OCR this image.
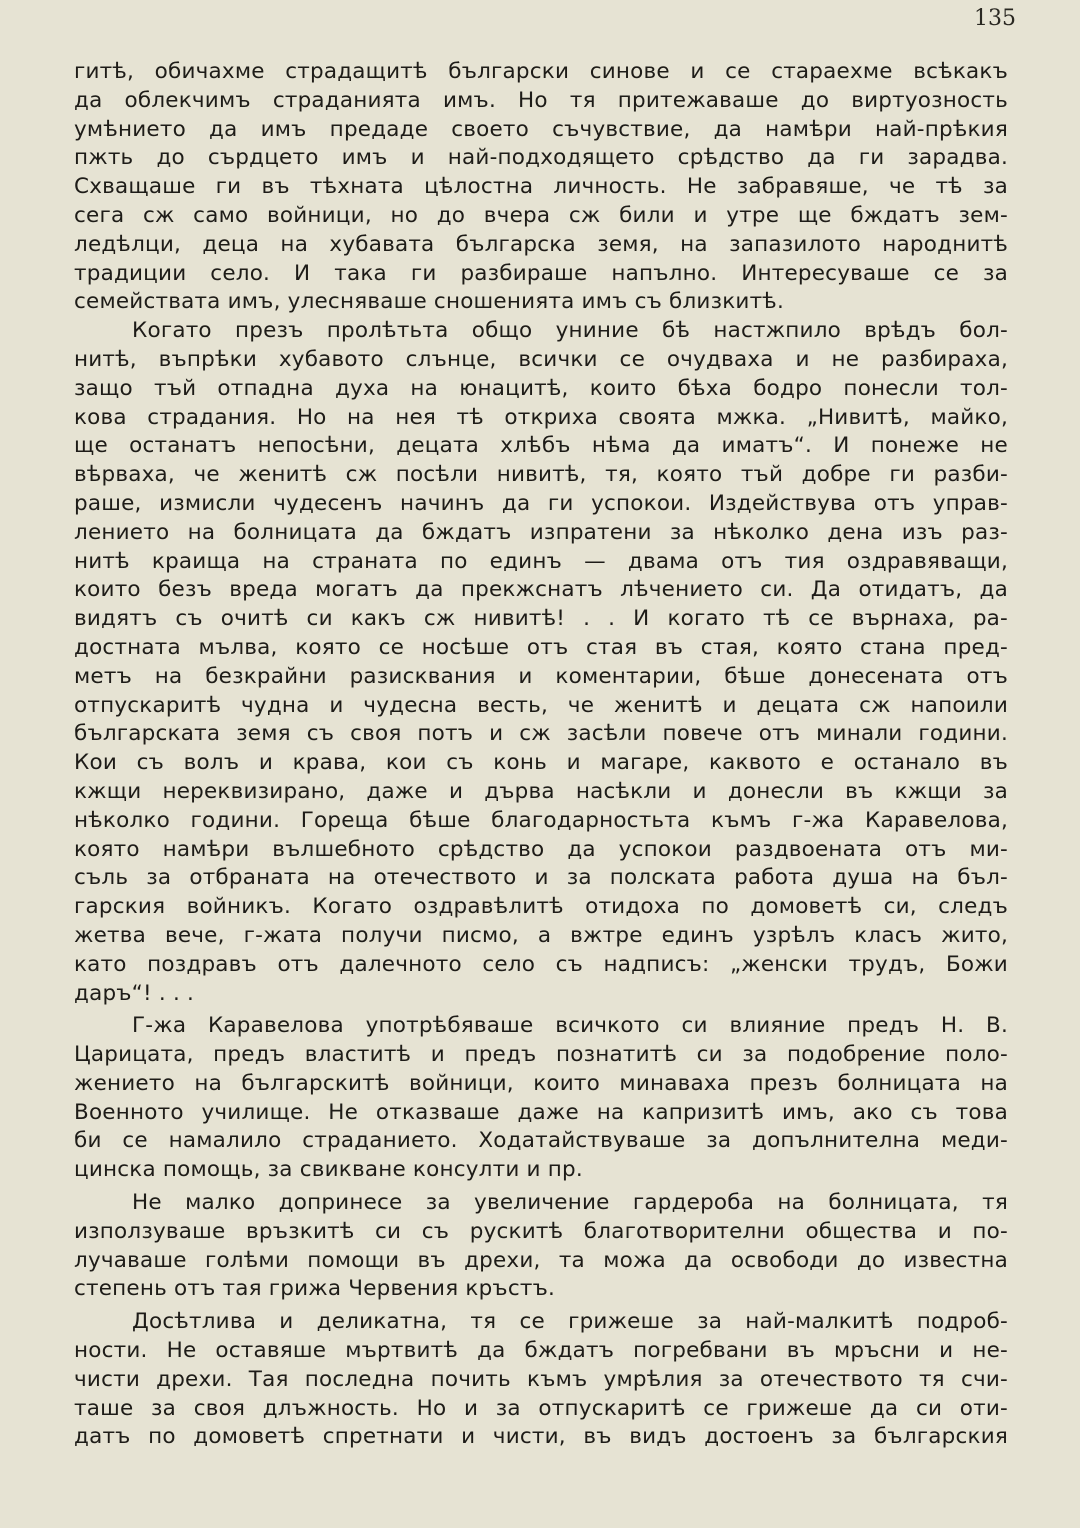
135
гитѣ, обичахме страдащитѣ български синове и се стараехме всѣкакъ
да облекчимъ страданията имъ. Но тя притежаваше до виртуозность
умѣнието да имъ предаде своето съчувствие, да намѣри най-прѣкия
пжть до сърдцето имъ и най-подходящето срѣдство да ги зарадва.
Схващаше ги въ тѣхната цѣлостна личность. Не забравяше, че тѣ за
сега сж само войници, но до вчера сж били и утре ще бждатъ зем-
ледѣлци, деца на хубавата българска земя, на запазилото народнитѣ
традиции село. И така ги разбираше напълно. Интересуваше се за
семействата имъ, улесняваше сношенията имъ съ близкитѣ.
Когато презъ пролѣтьта общо униние бѣ настжпило врѣдъ бол-
нитѣ, въпрѣки хубавото слънце, всички се очудваха и не разбираха,
защо тъй отпадна духа на юнацитѣ, които бѣха бодро понесли тол-
кова страдания. Но на нея тѣ откриха своята мжка. „Нивитѣ, майко,
ще останатъ непосѣни, децата хлѣбъ нѣма да иматъ“. И понеже не
вѣрваха, че женитѣ сж посѣли нивитѣ, тя, която тъй добре ги разби-
раше, измисли чудесенъ начинъ да ги успокои. Издействува отъ управ-
лението на болницата да бждатъ изпратени за нѣколко дена изъ раз-
нитѣ краища на страната по единъ — двама отъ тия оздравяващи,
които безъ вреда могатъ да прекжснатъ лѣчението си. Да отидатъ, да
видятъ съ очитѣ си какъ сж нивитѣ! . . И когато тѣ се върнаха, ра-
достната мълва, която се носѣше отъ стая въ стая, която стана пред-
метъ на безкрайни разисквания и коментарии, бѣше донесената отъ
отпускаритѣ чудна и чудесна весть, че женитѣ и децата сж напоили
българската земя съ своя потъ и сж засѣли повече отъ минали години.
Кои съ волъ и крава, кои съ конь и магаре, каквото е останало въ
кжщи нереквизирано, даже и дърва насѣкли и донесли въ кжщи за
нѣколко години. Гореща бѣше благодарностьта къмъ г-жа Каравелова,
която намѣри вълшебното срѣдство да успокои раздвоената отъ ми-
съль за отбраната на отечеството и за полската работа душа на бъл-
гарския войникъ. Когато оздравѣлитѣ отидоха по домоветѣ си, следъ
жетва вече, г-жата получи писмо, а вжтре единъ узрѣлъ класъ жито,
като поздравъ отъ далечното село съ надписъ: „женски трудъ, Божи
даръ“! . . .
Г-жа Каравелова употрѣбяваше всичкото си влияние предъ Н. В.
Царицата, предъ властитѣ и предъ познатитѣ си за подобрение поло-
жението на българскитѣ войници, които минаваха презъ болницата на
Военното училище. Не отказваше даже на капризитѣ имъ, ако съ това
би се намалило страданието. Ходатайствуваше за допълнителна меди-
цинска помощь, за свикване консулти и пр.
Не малко допринесе за увеличение гардероба на болницата, тя
използуваше връзкитѣ си съ рускитѣ благотворителни общества и по-
лучаваше голѣми помощи въ дрехи, та можа да освободи до известна
степень отъ тая грижа Червения кръстъ.
Досѣтлива и деликатна, тя се грижеше за най-малкитѣ подроб-
ности. Не оставяше мъртвитѣ да бждатъ погребвани въ мръсни и не-
чисти дрехи. Тая последна почить къмъ умрѣлия за отечеството тя счи-
таше за своя длъжность. Но и за отпускаритѣ се грижеше да си оти-
датъ по домоветѣ спретнати и чисти, въ видъ достоенъ за българския
